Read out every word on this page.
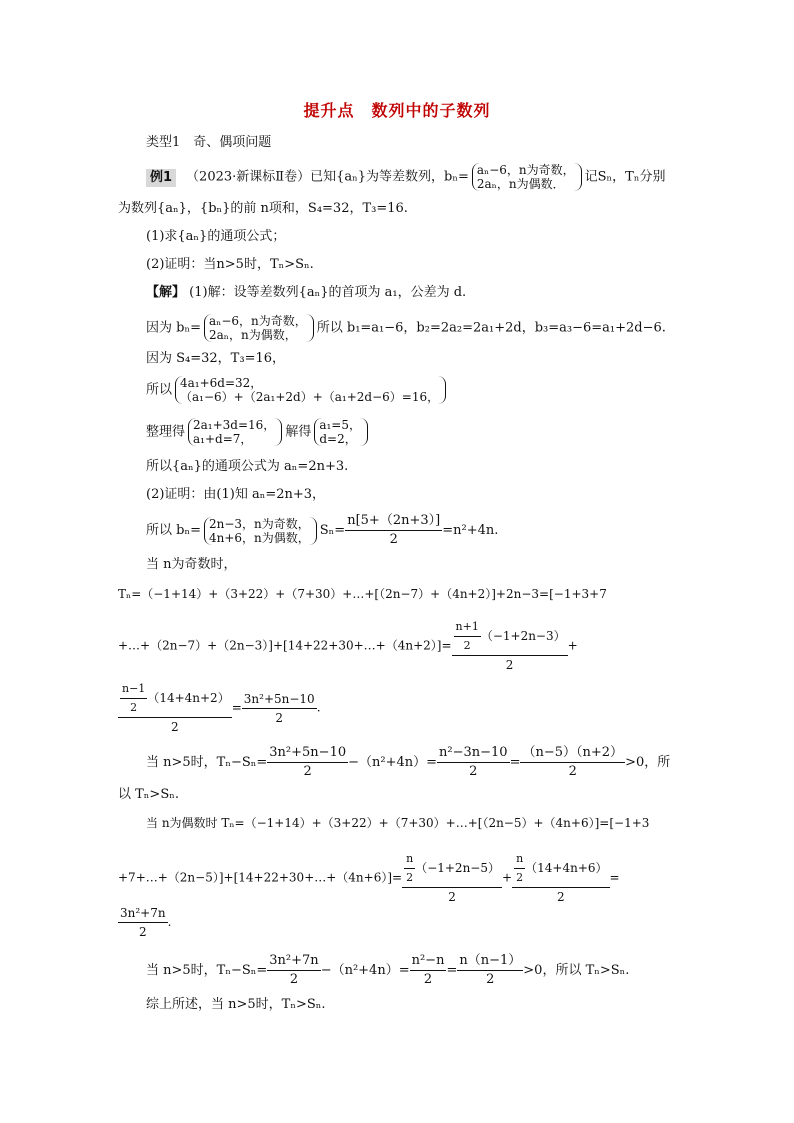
提升点　数列中的子数列
类型1　奇、偶项问题
例1 （2023·新课标Ⅱ卷）已知{aₙ}为等差数列，bₙ= aₙ−6，n为奇数，
2aₙ，n为偶数．	记Sₙ，Tₙ分别
为数列{aₙ}，{bₙ}的前 n项和，S₄=32，T₃=16.
(1)求{aₙ}的通项公式；
(2)证明：当n>5时，Tₙ>Sₙ.
【解】 (1)解：设等差数列{aₙ}的首项为 a₁，公差为 d.
因为 bₙ= aₙ−6，n为奇数，
2aₙ，n为偶数，	所以 b₁=a₁−6，b₂=2a₂=2a₁+2d，b₃=a₃−6=a₁+2d−6.
因为 S₄=32，T₃=16，
所以 4a₁+6d=32，
（a₁−6）+（2a₁+2d）+（a₁+2d−6）=16，
整理得 2a₁+3d=16，
a₁+d=7，	解得 a₁=5，
d=2，
所以{aₙ}的通项公式为 aₙ=2n+3.
(2)证明：由(1)知 aₙ=2n+3，
所以 bₙ= 2n−3，n为奇数，
4n+6，n为偶数， $S_n= \frac{n[5+(2n+3)]}{2} =n^2+4n$.
当 n为奇数时，
Tₙ=（−1+14）+（3+22）+（7+30）+…+[（2n−7）+（4n+2）]+2n−3=[−1+3+7
+…+（2n−7）+（2n−3）]+[14+22+30+…+（4n+2）]= $\frac{\frac{n+1}{2} (-1+2n-3)}{2}$ +
$\frac{\frac{n-1}{2} (14+4n+2)}{2} = \frac{\text{3n²+5n−10}}{2}$ .
当 n>5时，$T_n-S_n= \frac{\text{3n²+5n−10}}{2} -(n^2+4n)= \frac{\text{n²−3n−10}}{2} = \frac{(n-5)(n+2)}{2} >0$，所
以 Tₙ>Sₙ.
当 n为偶数时 Tₙ=（−1+14）+（3+22）+（7+30）+…+[（2n−5）+（4n+6）]=[−1+3
+7+…+（2n−5）]+[14+22+30+…+（4n+6）]= $\frac{\frac{n}{2} (-1+2n-5)}{2} + \frac{\frac{n}{2} (14+4n+6)}{2}$ =
$\frac{\text{3n²+7n}}{2}$ .
当 n>5时，$T_n-S_n= \frac{\text{3n²+7n}}{2} -(n^2+4n)= \frac{\text{n²−n}}{2} = \frac{n(n-1)}{2} >0$，所以 Tₙ>Sₙ.
综上所述，当 n>5时，Tₙ>Sₙ.
